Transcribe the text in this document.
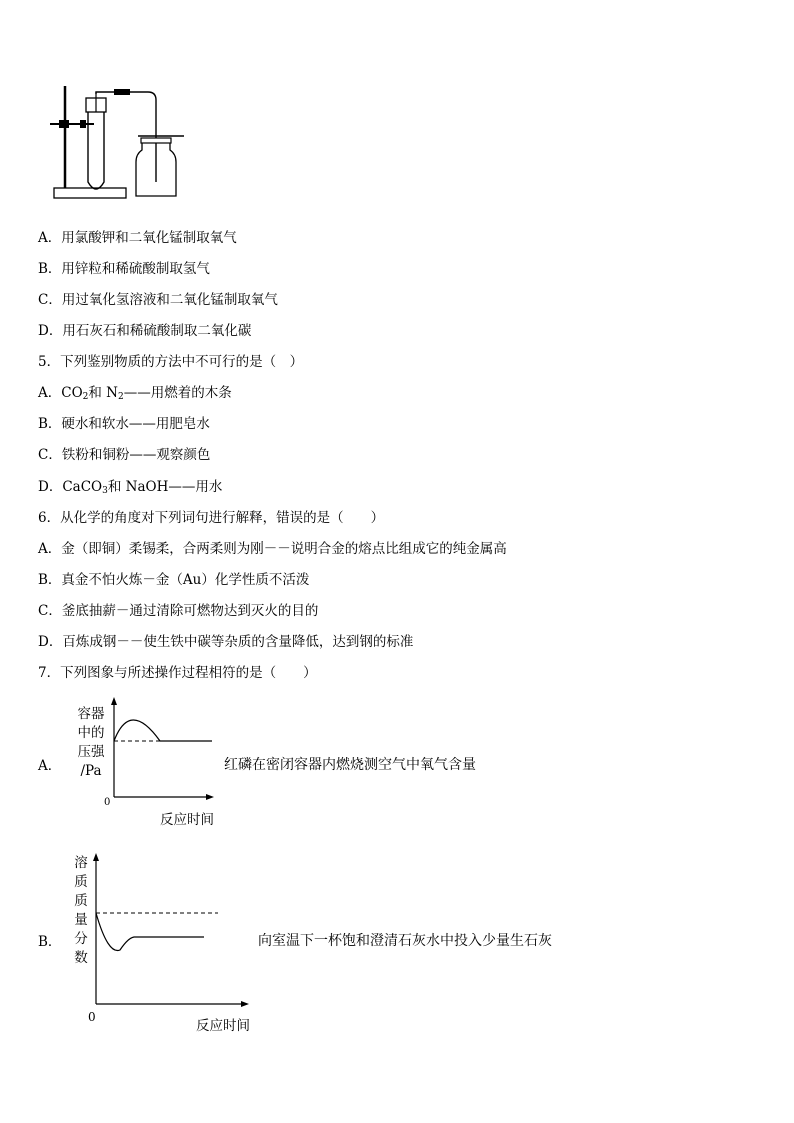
A．用氯酸钾和二氧化锰制取氧气
B．用锌粒和稀硫酸制取氢气
C．用过氧化氢溶液和二氧化锰制取氧气
D．用石灰石和稀硫酸制取二氧化碳
5．下列鉴别物质的方法中不可行的是（　）
A．$CO_2$和 $N_2——$用燃着的木条
B．硬水和软水——用肥皂水
C．铁粉和铜粉——观察颜色
D．CaCO$_3$和 NaOH——用水
6．从化学的角度对下列词句进行解释，错误的是（　　）
A．金（即铜）柔锡柔，合两柔则为刚－－说明合金的熔点比组成它的纯金属高
B．真金不怕火炼－金（Au）化学性质不活泼
C．釜底抽薪－通过清除可燃物达到灭火的目的
D．百炼成钢－－使生铁中碳等杂质的含量降低，达到钢的标准
7．下列图象与所述操作过程相符的是（　　）
A．
容器
中的
压强
/Pa
0
反应时间
红磷在密闭容器内燃烧测空气中氧气含量
B．
溶
质
质
量
分
数
0
反应时间
向室温下一杯饱和澄清石灰水中投入少量生石灰
